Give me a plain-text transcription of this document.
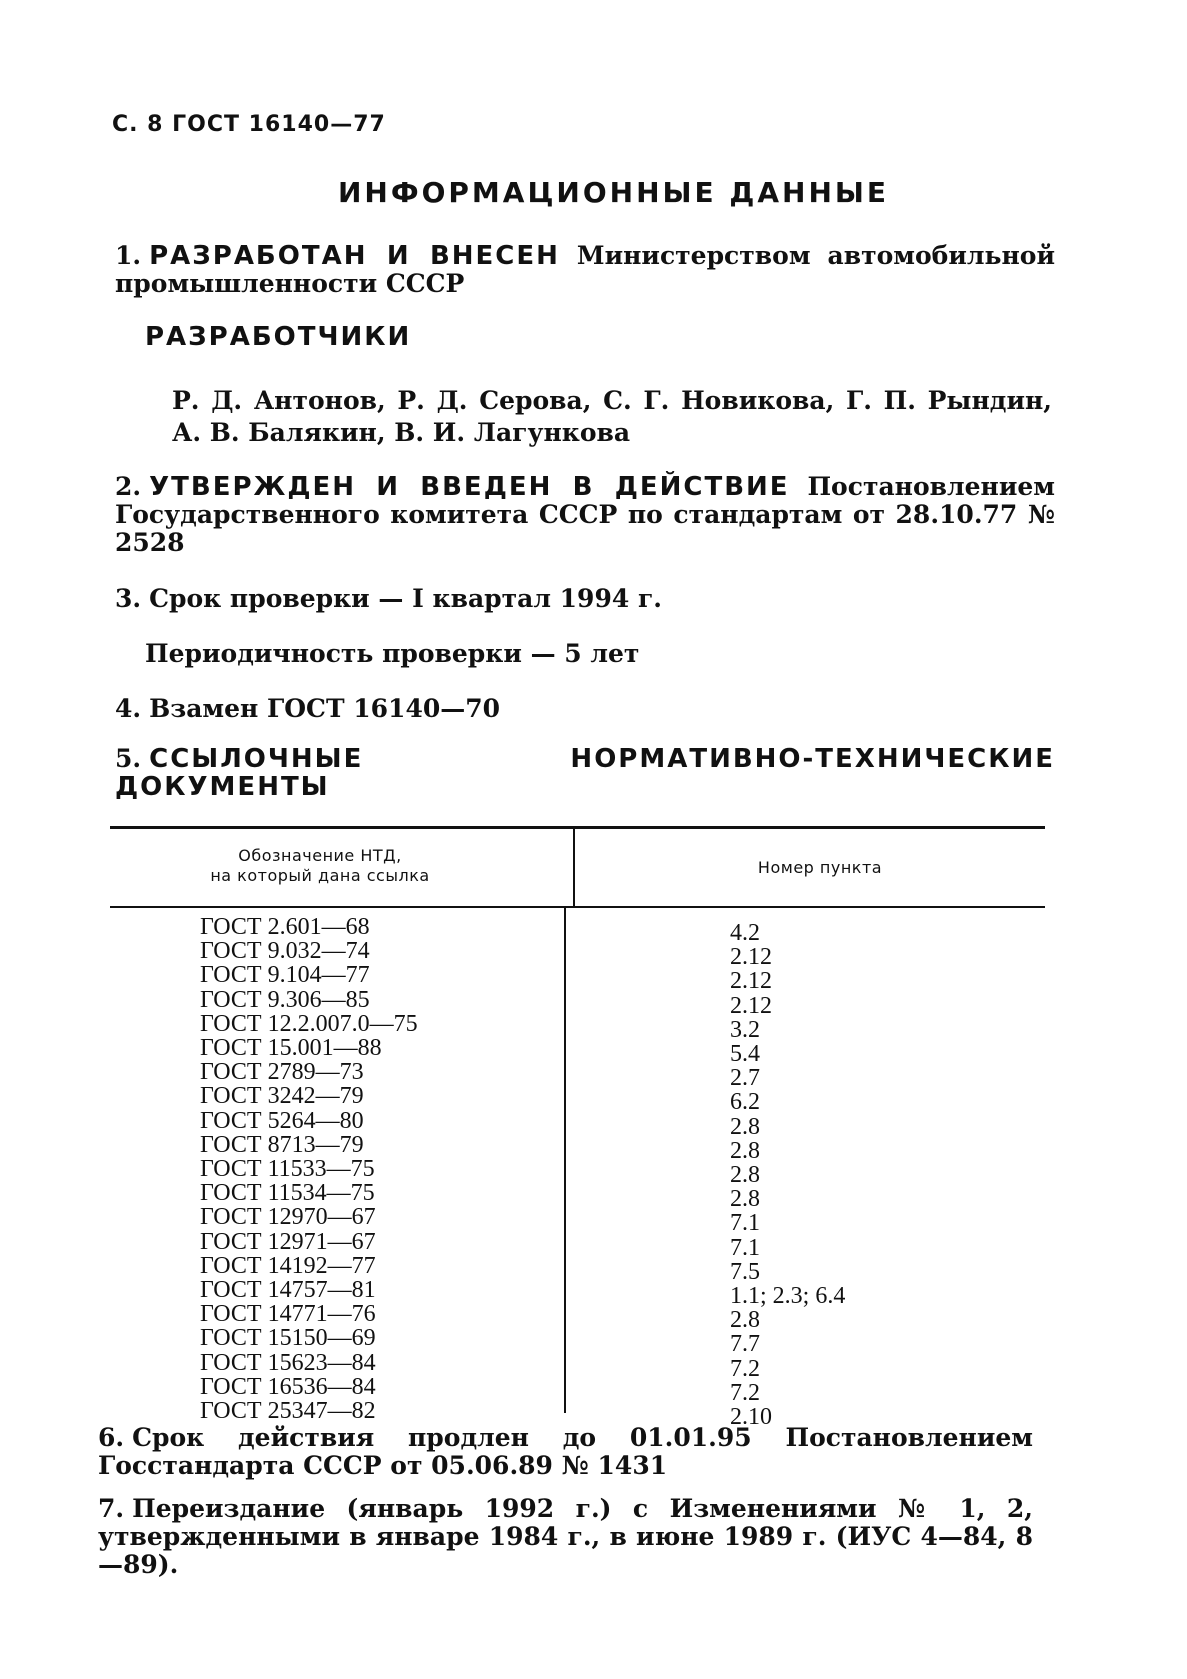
С. 8 ГОСТ 16140—77
ИНФОРМАЦИОННЫЕ ДАННЫЕ
1. РАЗРАБОТАН И ВНЕСЕН Министерством автомобильной промышленности СССР
РАЗРАБОТЧИКИ
Р. Д. Антонов, Р. Д. Серова, С. Г. Новикова, Г. П. Рындин, А. В. Балякин, В. И. Лагункова
2. УТВЕРЖДЕН И ВВЕДЕН В ДЕЙСТВИЕ Постановлением Государственного комитета СССР по стандартам от 28.10.77 № 2528
3. Срок проверки — I квартал 1994 г.
Периодичность проверки — 5 лет
4. Взамен ГОСТ 16140—70
5. ССЫЛОЧНЫЕ НОРМАТИВНО-ТЕХНИЧЕСКИЕ ДОКУМЕНТЫ
Обозначение НТД,
на который дана ссылка	Номер пункта
ГОСТ 2.601—68
ГОСТ 9.032—74
ГОСТ 9.104—77
ГОСТ 9.306—85
ГОСТ 12.2.007.0—75
ГОСТ 15.001—88
ГОСТ 2789—73
ГОСТ 3242—79
ГОСТ 5264—80
ГОСТ 8713—79
ГОСТ 11533—75
ГОСТ 11534—75
ГОСТ 12970—67
ГОСТ 12971—67
ГОСТ 14192—77
ГОСТ 14757—81
ГОСТ 14771—76
ГОСТ 15150—69
ГОСТ 15623—84
ГОСТ 16536—84
ГОСТ 25347—82
4.2
2.12
2.12
2.12
3.2
5.4
2.7
6.2
2.8
2.8
2.8
2.8
7.1
7.1
7.5
1.1; 2.3; 6.4
2.8
7.7
7.2
7.2
2.10
6. Срок действия продлен до 01.01.95 Постановлением Госстандарта СССР от 05.06.89 № 1431
7. Переиздание (январь 1992 г.) с Изменениями № 1, 2, утвержденными в январе 1984 г., в июне 1989 г. (ИУС 4—84, 8—89).
